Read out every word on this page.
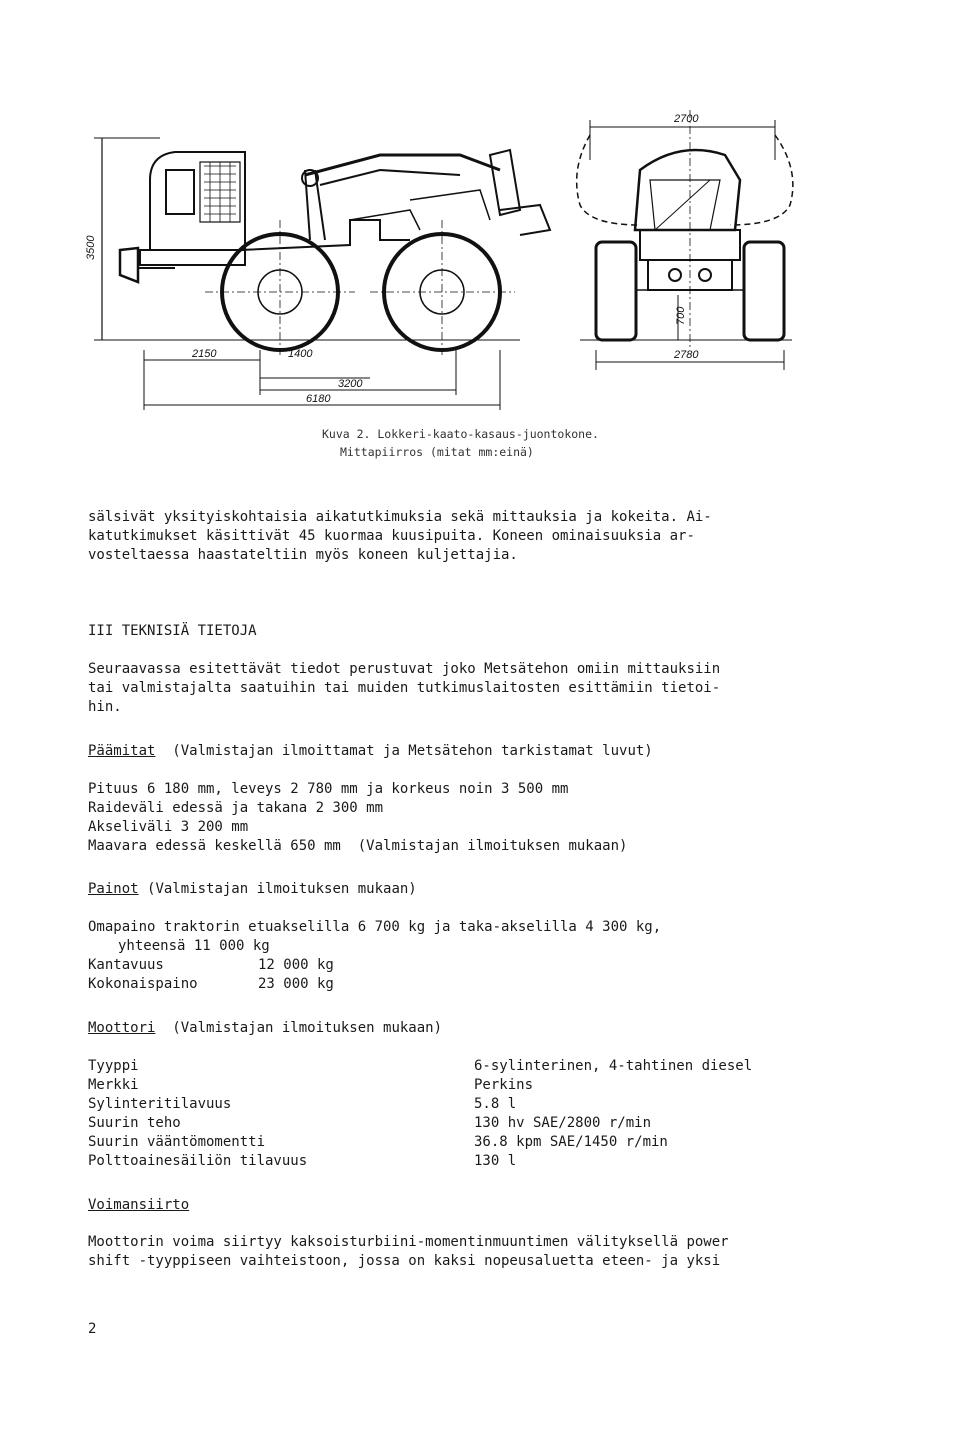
3500
2150	1400
3200
6180
2700
2780
700
Kuva 2. Lokkeri-kaato-kasaus-juontokone.
Mittapiirros (mitat mm:einä)
sälsivät yksityiskohtaisia aikatutkimuksia sekä mittauksia ja kokeita. Ai-
katutkimukset käsittivät 45 kuormaa kuusipuita. Koneen ominaisuuksia ar-
vosteltaessa haastateltiin myös koneen kuljettajia.
III TEKNISIÄ TIETOJA
Seuraavassa esitettävät tiedot perustuvat joko Metsätehon omiin mittauksiin
tai valmistajalta saatuihin tai muiden tutkimuslaitosten esittämiin tietoi-
hin.
Päämitat (Valmistajan ilmoittamat ja Metsätehon tarkistamat luvut)
Pituus 6 180 mm, leveys 2 780 mm ja korkeus noin 3 500 mm
Raideväli edessä ja takana 2 300 mm
Akseliväli 3 200 mm
Maavara edessä keskellä 650 mm (Valmistajan ilmoituksen mukaan)
Painot (Valmistajan ilmoituksen mukaan)
Omapaino traktorin etuakselilla 6 700 kg ja taka-akselilla 4 300 kg,
yhteensä 11 000 kg
Kantavuus	12 000 kg
Kokonaispaino	23 000 kg
Moottori (Valmistajan ilmoituksen mukaan)
Tyyppi	6-sylinterinen, 4-tahtinen diesel
Merkki	Perkins
Sylinteritilavuus	5.8 l
Suurin teho	130 hv SAE/2800 r/min
Suurin vääntömomentti	36.8 kpm SAE/1450 r/min
Polttoainesäiliön tilavuus	130 l
Voimansiirto
Moottorin voima siirtyy kaksoisturbiini-momentinmuuntimen välityksellä power
shift -tyyppiseen vaihteistoon, jossa on kaksi nopeusaluetta eteen- ja yksi
2
